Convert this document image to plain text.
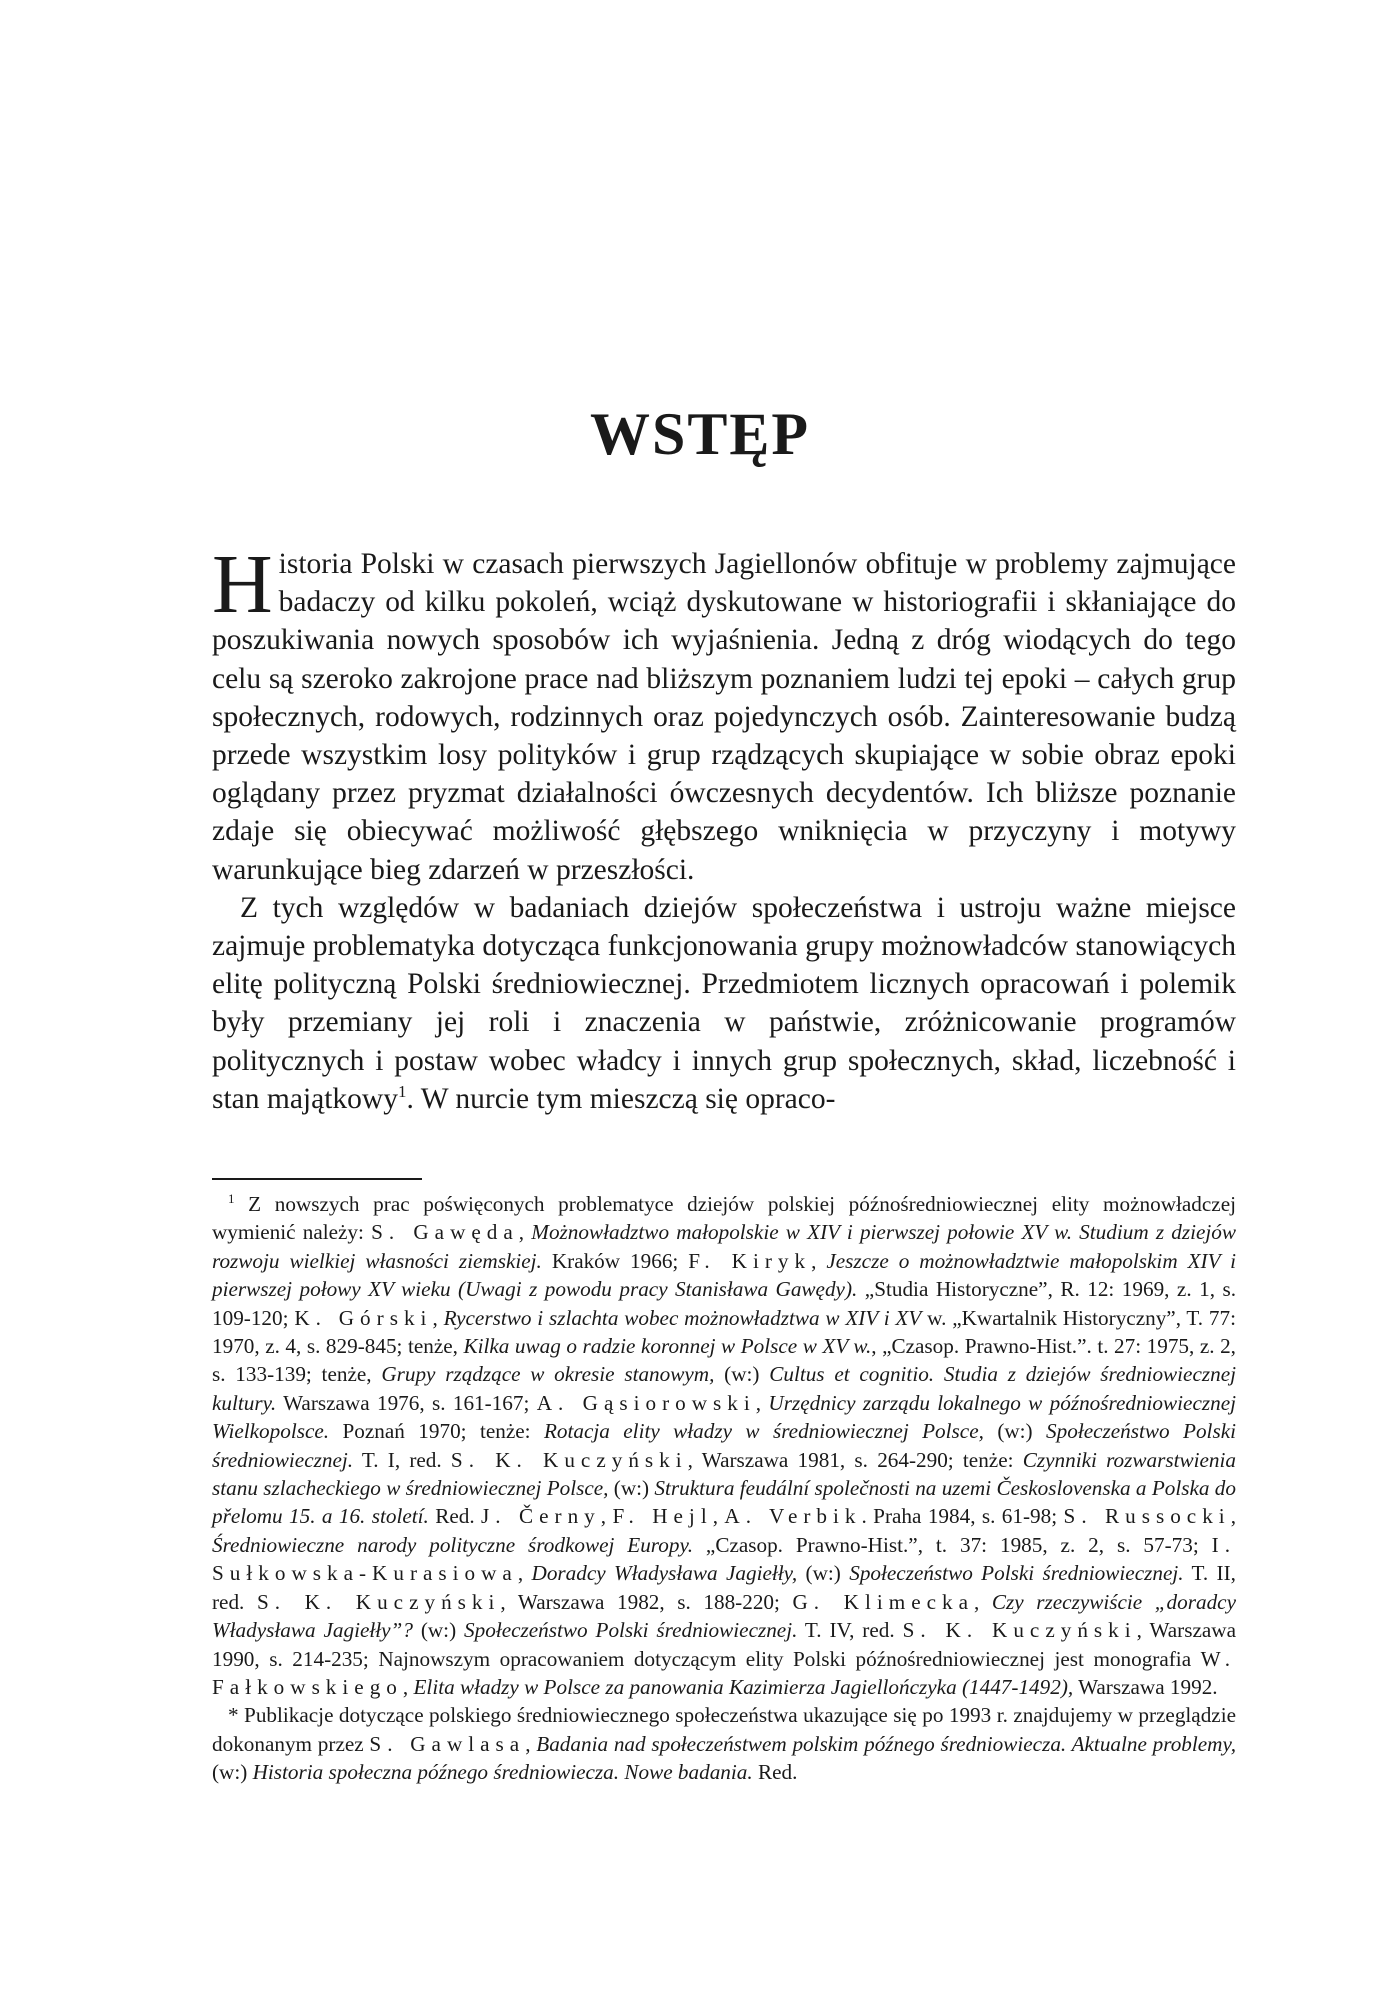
WSTĘP

Historia Polski w czasach pierwszych Jagiellonów obfituje w problemy zajmujące badaczy od kilku pokoleń, wciąż dyskutowane w historiografii i skłaniające do poszukiwania nowych sposobów ich wyjaśnienia. Jedną z dróg wiodących do tego celu są szeroko zakrojone prace nad bliższym poznaniem ludzi tej epoki – całych grup społecznych, rodowych, rodzinnych oraz pojedynczych osób. Zainteresowanie budzą przede wszystkim losy polityków i grup rządzących skupiające w sobie obraz epoki oglądany przez pryzmat działalności ówczesnych decydentów. Ich bliższe poznanie zdaje się obiecywać możliwość głębszego wniknięcia w przyczyny i motywy warunkujące bieg zdarzeń w przeszłości.

Z tych względów w badaniach dziejów społeczeństwa i ustroju ważne miejsce zajmuje problematyka dotycząca funkcjonowania grupy możnowładców stanowiących elitę polityczną Polski średniowiecznej. Przedmiotem licznych opracowań i polemik były przemiany jej roli i znaczenia w państwie, zróżnicowanie programów politycznych i postaw wobec władcy i innych grup społecznych, skład, liczebność i stan majątkowy$^1$. W nurcie tym mieszczą się opraco-

$^1$ Z nowszych prac poświęconych problematyce dziejów polskiej późnośredniowiecznej elity możnowładczej wymienić należy: S. Gawęda, Możnowładztwo małopolskie w XIV i pierwszej połowie XV w. Studium z dziejów rozwoju wielkiej własności ziemskiej. Kraków 1966; F. Kiryk, Jeszcze o możnowładztwie małopolskim XIV i pierwszej połowy XV wieku (Uwagi z powodu pracy Stanisława Gawędy). „Studia Historyczne”, R. 12: 1969, z. 1, s. 109-120; K. Górski, Rycerstwo i szlachta wobec możnowładztwa w XIV i XV w. „Kwartalnik Historyczny”, T. 77: 1970, z. 4, s. 829-845; tenże, Kilka uwag o radzie koronnej w Polsce w XV w., „Czasop. Prawno-Hist.”. t. 27: 1975, z. 2, s. 133-139; tenże, Grupy rządzące w okresie stanowym, (w:) Cultus et cognitio. Studia z dziejów średniowiecznej kultury. Warszawa 1976, s. 161-167; A. Gąsiorowski, Urzędnicy zarządu lokalnego w późnośredniowiecznej Wielkopolsce. Poznań 1970; tenże: Rotacja elity władzy w średniowiecznej Polsce, (w:) Społeczeństwo Polski średniowiecznej. T. I, red. S. K. Kuczyński, Warszawa 1981, s. 264-290; tenże: Czynniki rozwarstwienia stanu szlacheckiego w średniowiecznej Polsce, (w:) Struktura feudální společnosti na uzemi Československa a Polska do přelomu 15. a 16. století. Red. J. Černy, F. Hejl, A. Verbik. Praha 1984, s. 61-98; S. Russocki, Średniowieczne narody polityczne środkowej Europy. „Czasop. Prawno-Hist.”, t. 37: 1985, z. 2, s. 57-73; I. Sułkowska-Kurasiowa, Doradcy Władysława Jagiełły, (w:) Społeczeństwo Polski średniowiecznej. T. II, red. S. K. Kuczyński, Warszawa 1982, s. 188-220; G. Klimecka, Czy rzeczywiście „doradcy Władysława Jagiełły”? (w:) Społeczeństwo Polski średniowiecznej. T. IV, red. S. K. Kuczyński, Warszawa 1990, s. 214-235; Najnowszym opracowaniem dotyczącym elity Polski późnośredniowiecznej jest monografia W. Fałkowskiego, Elita władzy w Polsce za panowania Kazimierza Jagiellończyka (1447-1492), Warszawa 1992.

* Publikacje dotyczące polskiego średniowiecznego społeczeństwa ukazujące się po 1993 r. znajdujemy w przeglądzie dokonanym przez S. Gawlasa, Badania nad społeczeństwem polskim późnego średniowiecza. Aktualne problemy, (w:) Historia społeczna późnego średniowiecza. Nowe badania. Red.
